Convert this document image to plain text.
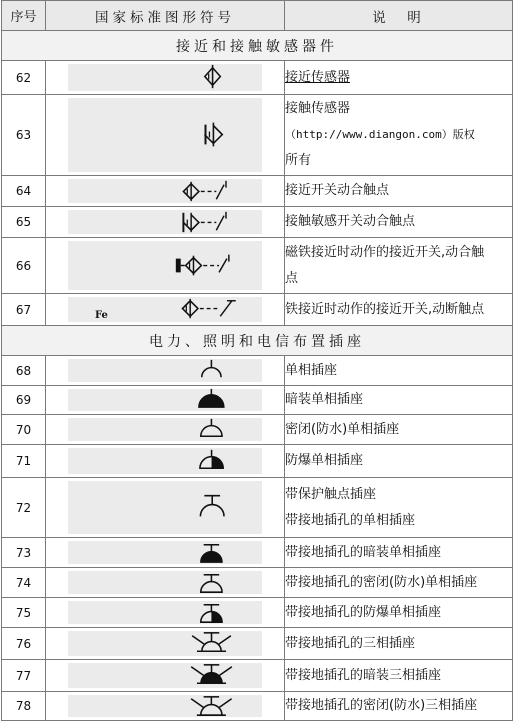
序号	国家标准图形符号	说　明
接近和接触敏感器件		
62		接近传感器
63		接触传感器
（http://www.diangon.com）版权
所有

64		接近开关动合触点
65		接触敏感开关动合触点
66		磁铁接近时动作的接近开关,动合触
点

67	Fe	铁接近时动作的接近开关,动断触点
电力、照明和电信布置插座		
68		单相插座
69		暗装单相插座
70		密闭(防水)单相插座
71		防爆单相插座
72		带保护触点插座
带接地插孔的单相插座

73		带接地插孔的暗装单相插座
74		带接地插孔的密闭(防水)单相插座
75		带接地插孔的防爆单相插座
76		带接地插孔的三相插座
77		带接地插孔的暗装三相插座
78		带接地插孔的密闭(防水)三相插座
